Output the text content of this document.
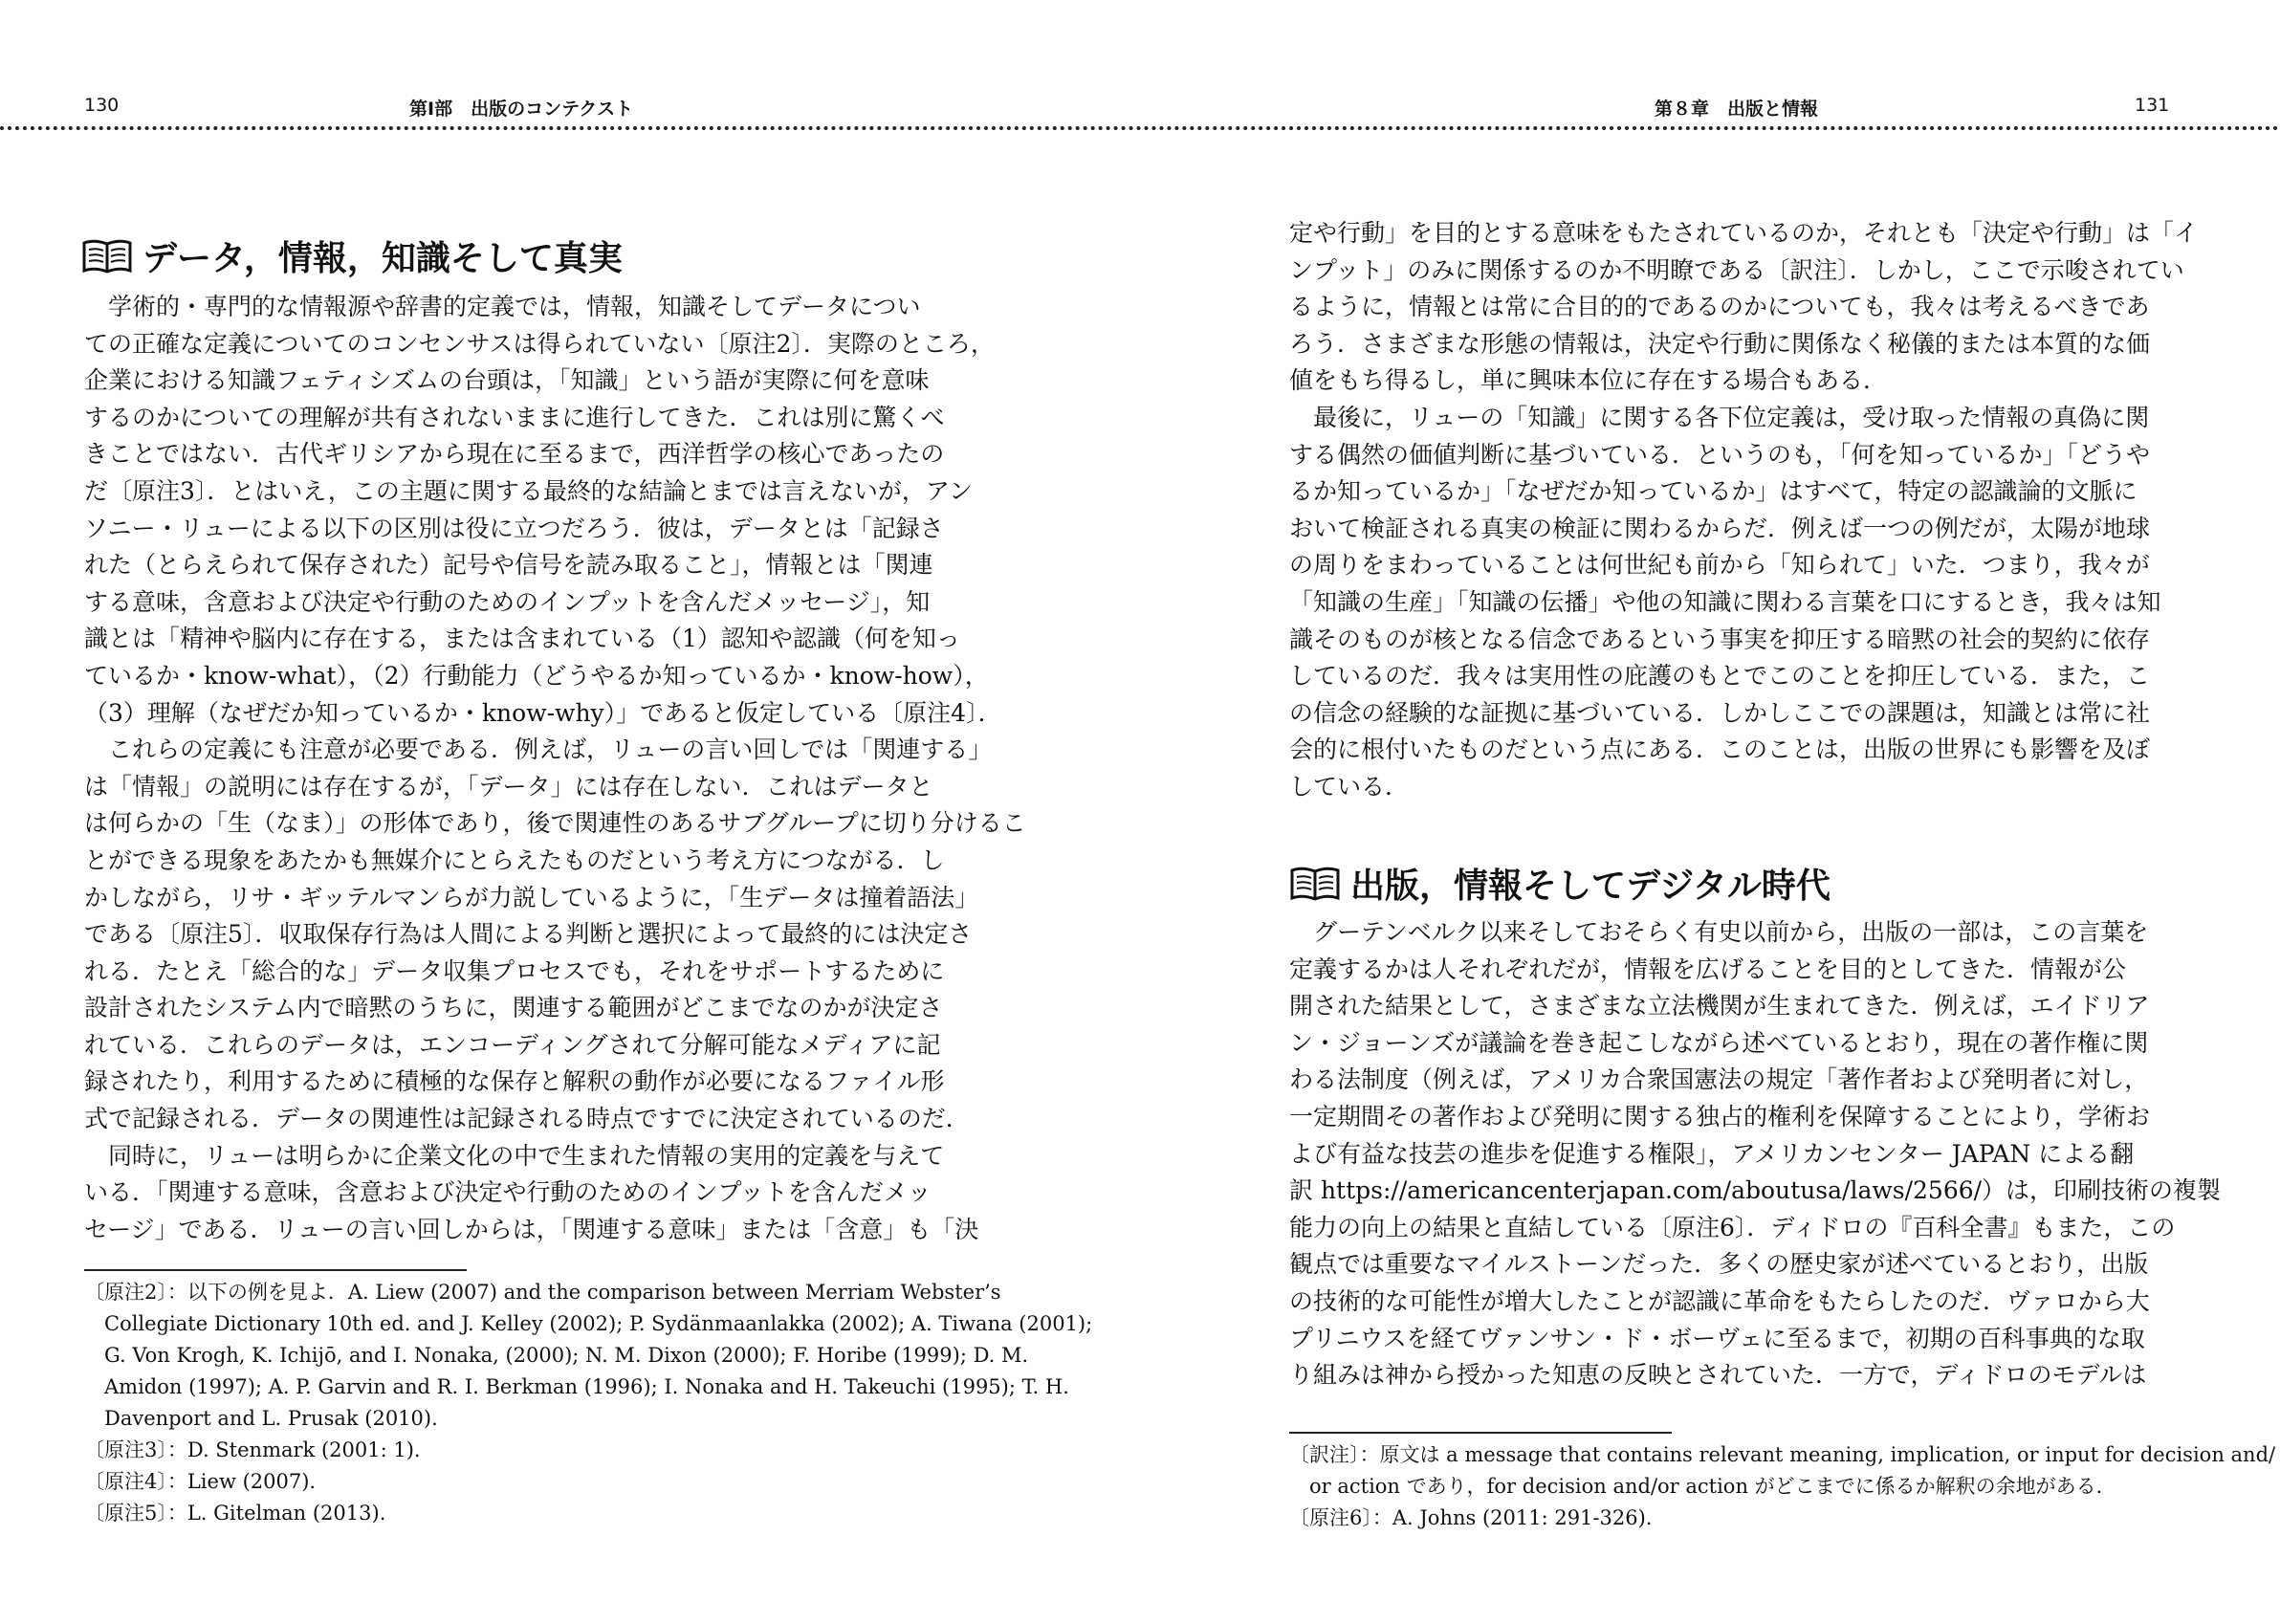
130	第Ⅰ部　出版のコンテクスト	第８章　出版と情報	131
データ，情報，知識そして真実
　学術的・専門的な情報源や辞書的定義では，情報，知識そしてデータについ
ての正確な定義についてのコンセンサスは得られていない〔原注2〕．実際のところ，
企業における知識フェティシズムの台頭は，「知識」という語が実際に何を意味
するのかについての理解が共有されないままに進行してきた．これは別に驚くべ
きことではない．古代ギリシアから現在に至るまで，西洋哲学の核心であったの
だ〔原注3〕．とはいえ，この主題に関する最終的な結論とまでは言えないが，アン
ソニー・リューによる以下の区別は役に立つだろう．彼は，データとは「記録さ
れた（とらえられて保存された）記号や信号を読み取ること」，情報とは「関連
する意味，含意および決定や行動のためのインプットを含んだメッセージ」，知
識とは「精神や脳内に存在する，または含まれている（1）認知や認識（何を知っ
ているか・know-what），（2）行動能力（どうやるか知っているか・know-how），
（3）理解（なぜだか知っているか・know-why）」であると仮定している〔原注4〕．
　これらの定義にも注意が必要である．例えば，リューの言い回しでは「関連する」
は「情報」の説明には存在するが，「データ」には存在しない．これはデータと
は何らかの「生（なま）」の形体であり，後で関連性のあるサブグループに切り分けるこ
とができる現象をあたかも無媒介にとらえたものだという考え方につながる．し
かしながら，リサ・ギッテルマンらが力説しているように，「生データは撞着語法」
である〔原注5〕．収取保存行為は人間による判断と選択によって最終的には決定さ
れる．たとえ「総合的な」データ収集プロセスでも，それをサポートするために
設計されたシステム内で暗黙のうちに，関連する範囲がどこまでなのかが決定さ
れている．これらのデータは，エンコーディングされて分解可能なメディアに記
録されたり，利用するために積極的な保存と解釈の動作が必要になるファイル形
式で記録される．データの関連性は記録される時点ですでに決定されているのだ．
　同時に，リューは明らかに企業文化の中で生まれた情報の実用的定義を与えて
いる．「関連する意味，含意および決定や行動のためのインプットを含んだメッ
セージ」である．リューの言い回しからは，「関連する意味」または「含意」も「決
〔原注2〕：以下の例を見よ．A. Liew (2007) and the comparison between Merriam Webster’s
　Collegiate Dictionary 10th ed. and J. Kelley (2002); P. Sydänmaanlakka (2002); A. Tiwana (2001);
　G. Von Krogh, K. Ichijō, and I. Nonaka, (2000); N. M. Dixon (2000); F. Horibe (1999); D. M.
　Amidon (1997); A. P. Garvin and R. I. Berkman (1996); I. Nonaka and H. Takeuchi (1995); T. H.
　Davenport and L. Prusak (2010).
〔原注3〕：D. Stenmark (2001: 1).
〔原注4〕：Liew (2007).
〔原注5〕：L. Gitelman (2013).
定や行動」を目的とする意味をもたされているのか，それとも「決定や行動」は「イ
ンプット」のみに関係するのか不明瞭である〔訳注〕．しかし，ここで示唆されてい
るように，情報とは常に合目的的であるのかについても，我々は考えるべきであ
ろう．さまざまな形態の情報は，決定や行動に関係なく秘儀的または本質的な価
値をもち得るし，単に興味本位に存在する場合もある．
　最後に，リューの「知識」に関する各下位定義は，受け取った情報の真偽に関
する偶然の価値判断に基づいている．というのも，「何を知っているか」「どうや
るか知っているか」「なぜだか知っているか」はすべて，特定の認識論的文脈に
おいて検証される真実の検証に関わるからだ．例えば一つの例だが，太陽が地球
の周りをまわっていることは何世紀も前から「知られて」いた．つまり，我々が
「知識の生産」「知識の伝播」や他の知識に関わる言葉を口にするとき，我々は知
識そのものが核となる信念であるという事実を抑圧する暗黙の社会的契約に依存
しているのだ．我々は実用性の庇護のもとでこのことを抑圧している．また，こ
の信念の経験的な証拠に基づいている．しかしここでの課題は，知識とは常に社
会的に根付いたものだという点にある．このことは，出版の世界にも影響を及ぼ
している．
出版，情報そしてデジタル時代
　グーテンベルク以来そしておそらく有史以前から，出版の一部は，この言葉を
定義するかは人それぞれだが，情報を広げることを目的としてきた．情報が公
開された結果として，さまざまな立法機関が生まれてきた．例えば，エイドリア
ン・ジョーンズが議論を巻き起こしながら述べているとおり，現在の著作権に関
わる法制度（例えば，アメリカ合衆国憲法の規定「著作者および発明者に対し，
一定期間その著作および発明に関する独占的権利を保障することにより，学術お
よび有益な技芸の進歩を促進する権限」，アメリカンセンター JAPAN による翻
訳 https://americancenterjapan.com/aboutusa/laws/2566/）は，印刷技術の複製
能力の向上の結果と直結している〔原注6〕．ディドロの『百科全書』もまた，この
観点では重要なマイルストーンだった．多くの歴史家が述べているとおり，出版
の技術的な可能性が増大したことが認識に革命をもたらしたのだ．ヴァロから大
プリニウスを経てヴァンサン・ド・ボーヴェに至るまで，初期の百科事典的な取
り組みは神から授かった知恵の反映とされていた．一方で，ディドロのモデルは
〔訳注〕：原文は a message that contains relevant meaning, implication, or input for decision and/
　or action であり，for decision and/or action がどこまでに係るか解釈の余地がある．
〔原注6〕：A. Johns (2011: 291-326).
